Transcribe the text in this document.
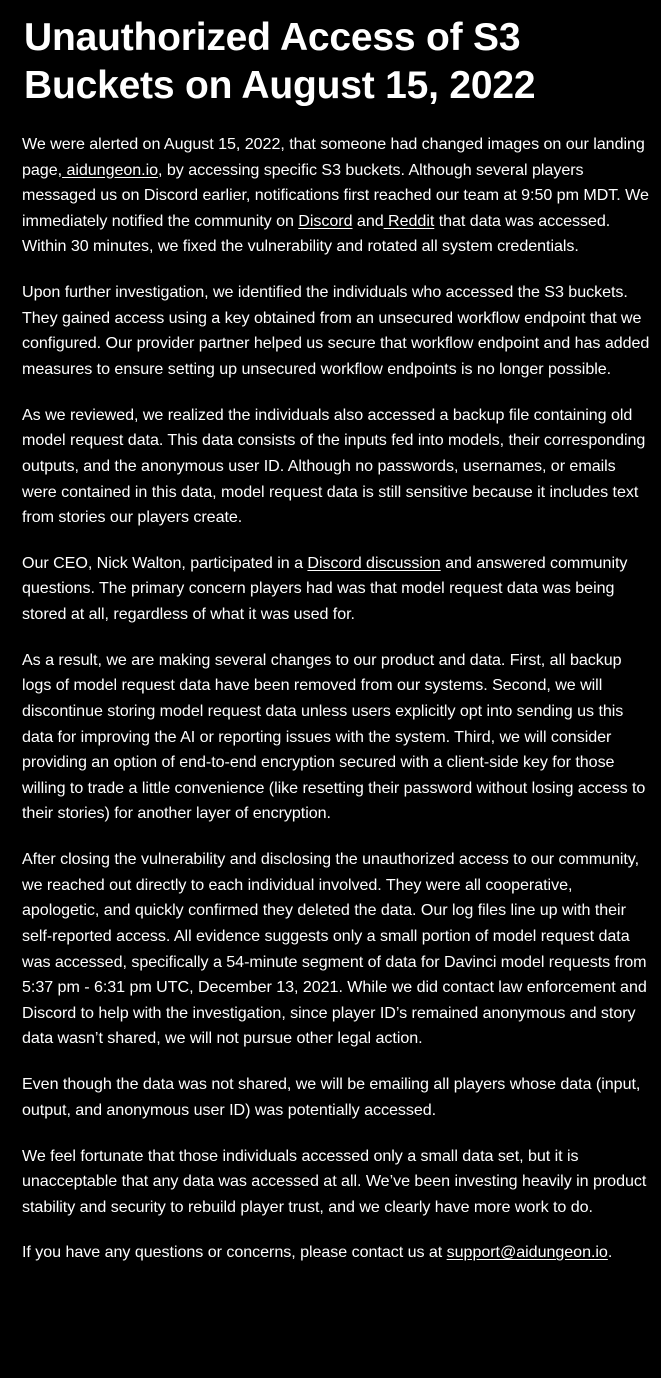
Unauthorized Access of S3 Buckets on August 15, 2022

We were alerted on August 15, 2022, that someone had changed images on our landing page, aidungeon.io, by accessing specific S3 buckets. Although several players messaged us on Discord earlier, notifications first reached our team at 9:50 pm MDT. We immediately notified the community on Discord and Reddit that data was accessed. Within 30 minutes, we fixed the vulnerability and rotated all system credentials.

Upon further investigation, we identified the individuals who accessed the S3 buckets. They gained access using a key obtained from an unsecured workflow endpoint that we configured. Our provider partner helped us secure that workflow endpoint and has added measures to ensure setting up unsecured workflow endpoints is no longer possible.

As we reviewed, we realized the individuals also accessed a backup file containing old model request data. This data consists of the inputs fed into models, their corresponding outputs, and the anonymous user ID. Although no passwords, usernames, or emails were contained in this data, model request data is still sensitive because it includes text from stories our players create.

Our CEO, Nick Walton, participated in a Discord discussion and answered community questions. The primary concern players had was that model request data was being stored at all, regardless of what it was used for.

As a result, we are making several changes to our product and data. First, all backup logs of model request data have been removed from our systems. Second, we will discontinue storing model request data unless users explicitly opt into sending us this data for improving the AI or reporting issues with the system. Third, we will consider providing an option of end-to-end encryption secured with a client-side key for those willing to trade a little convenience (like resetting their password without losing access to their stories) for another layer of encryption.

After closing the vulnerability and disclosing the unauthorized access to our community, we reached out directly to each individual involved. They were all cooperative, apologetic, and quickly confirmed they deleted the data. Our log files line up with their self-reported access. All evidence suggests only a small portion of model request data was accessed, specifically a 54-minute segment of data for Davinci model requests from 5:37 pm - 6:31 pm UTC, December 13, 2021. While we did contact law enforcement and Discord to help with the investigation, since player ID’s remained anonymous and story data wasn’t shared, we will not pursue other legal action.

Even though the data was not shared, we will be emailing all players whose data (input, output, and anonymous user ID) was potentially accessed.

We feel fortunate that those individuals accessed only a small data set, but it is unacceptable that any data was accessed at all. We’ve been investing heavily in product stability and security to rebuild player trust, and we clearly have more work to do.

If you have any questions or concerns, please contact us at support@aidungeon.io.
